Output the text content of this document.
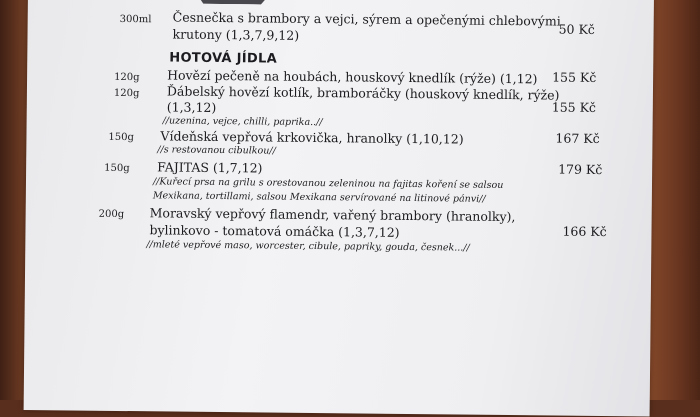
300ml Česnečka s brambory a vejci, sýrem a opečenými chlebovými
krutony (1,3,7,9,12)	50 Kč
HOTOVÁ JÍDLA
120g Hovězí pečeně na houbách, houskový knedlík (rýže) (1,12) 155 Kč
120g Ďábelský hovězí kotlík, bramboráčky (houskový knedlík, rýže)
(1,3,12)
//uzenina, vejce, chilli, paprika..//
155 Kč
150g Vídeňská vepřová krkovička, hranolky (1,10,12)
//s restovanou cibulkou//
167 Kč
150g FAJITAS (1,7,12)
//Kuřecí prsa na grilu s orestovanou zeleninou na fajitas koření se salsou
Mexikana, tortillami, salsou Mexikana servírované na litinové pánvi//
179 Kč
200g Moravský vepřový flamendr, vařený brambory (hranolky),
bylinkovo - tomatová omáčka (1,3,7,12)
//mleté vepřové maso, worcester, cibule, papriky, gouda, česnek...//
166 Kč
